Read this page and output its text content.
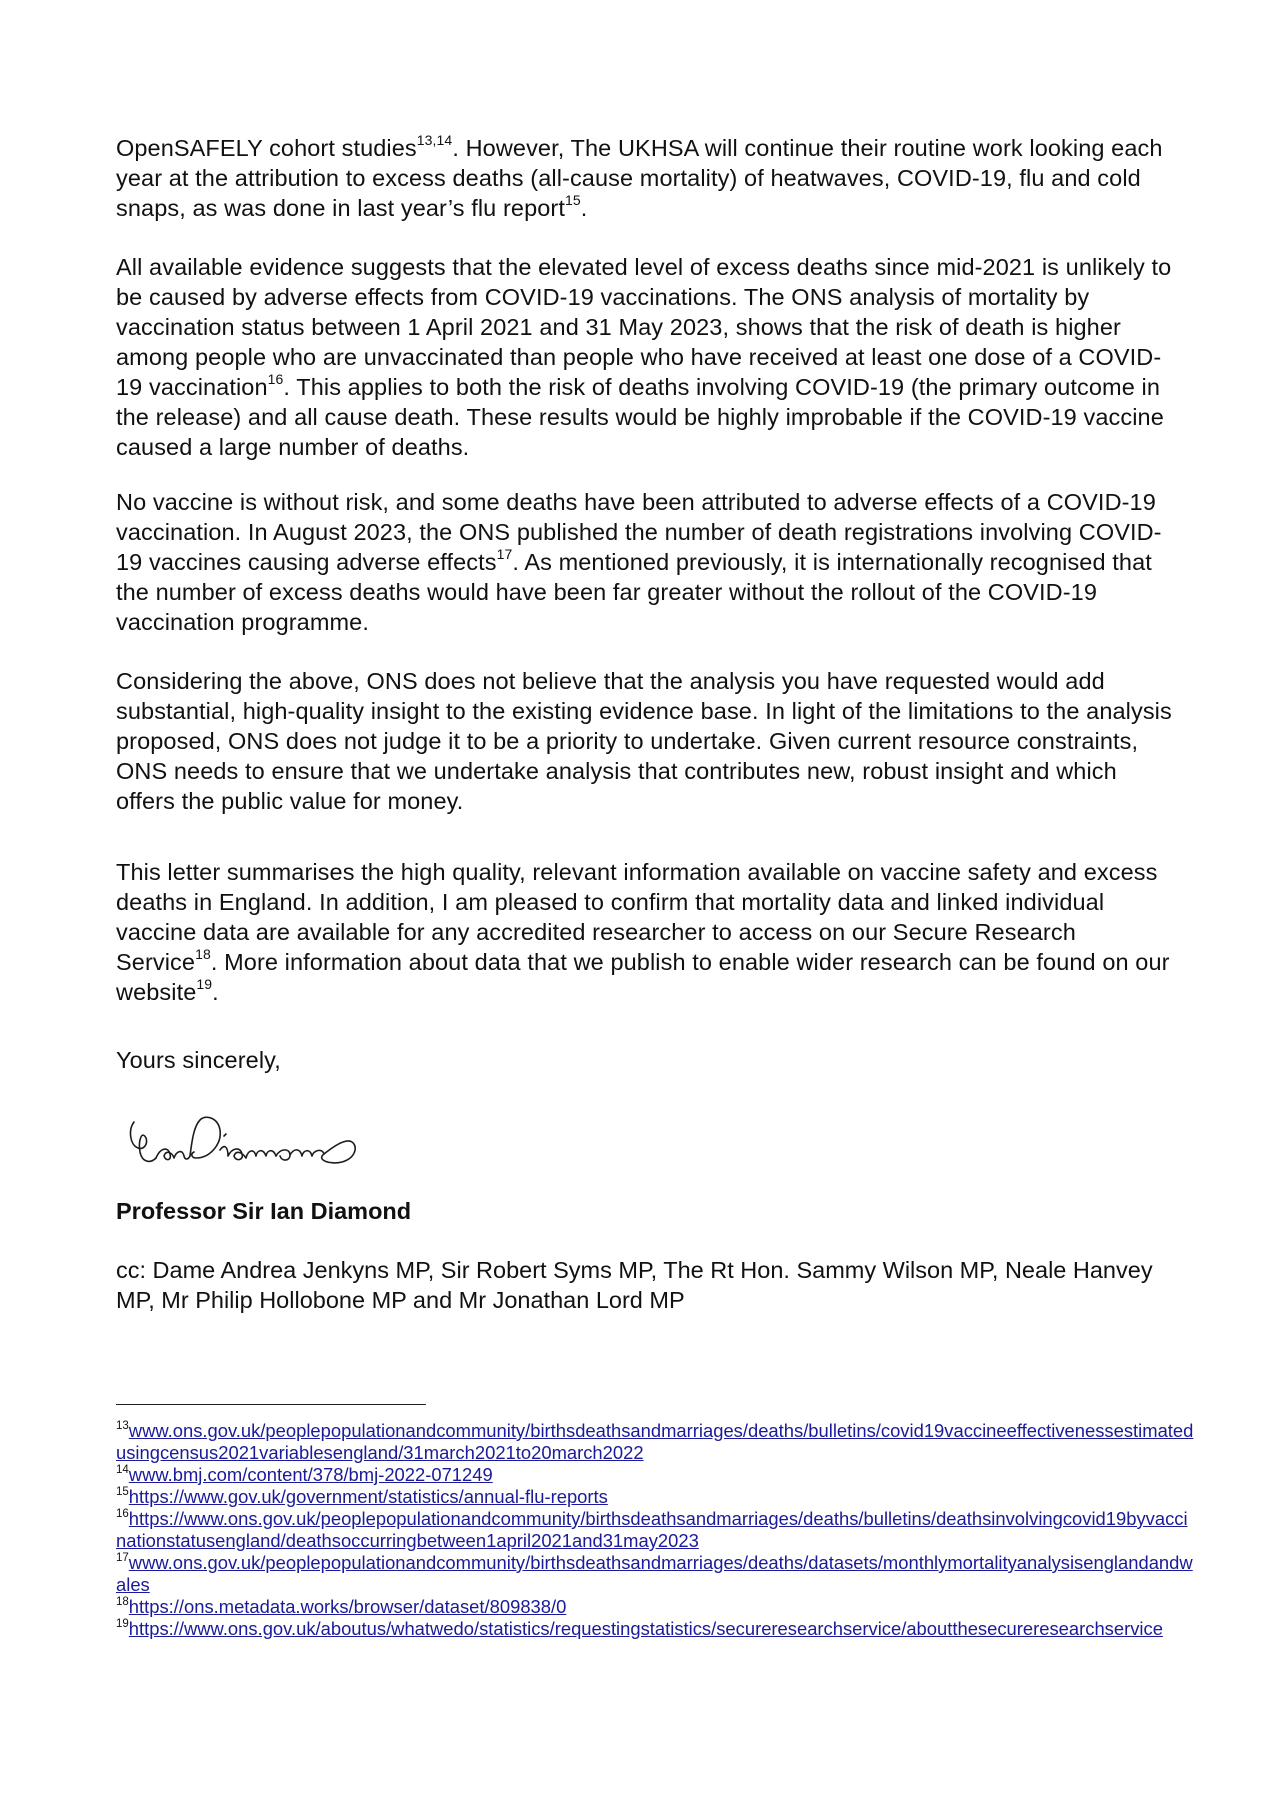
OpenSAFELY cohort studies$^{13,14}$. However, The UKHSA will continue their routine work looking each year at the attribution to excess deaths (all-cause mortality) of heatwaves, COVID-19, flu and cold snaps, as was done in last year’s flu report$^{15}$.

All available evidence suggests that the elevated level of excess deaths since mid-2021 is unlikely to be caused by adverse effects from COVID-19 vaccinations. The ONS analysis of mortality by vaccination status between 1 April 2021 and 31 May 2023, shows that the risk of death is higher among people who are unvaccinated than people who have received at least one dose of a COVID-19 vaccination$^{16}$. This applies to both the risk of deaths involving COVID-19 (the primary outcome in the release) and all cause death. These results would be highly improbable if the COVID-19 vaccine caused a large number of deaths.

No vaccine is without risk, and some deaths have been attributed to adverse effects of a COVID-19 vaccination. In August 2023, the ONS published the number of death registrations involving COVID-19 vaccines causing adverse effects$^{17}$. As mentioned previously, it is internationally recognised that the number of excess deaths would have been far greater without the rollout of the COVID-19 vaccination programme.

Considering the above, ONS does not believe that the analysis you have requested would add substantial, high-quality insight to the existing evidence base. In light of the limitations to the analysis proposed, ONS does not judge it to be a priority to undertake. Given current resource constraints, ONS needs to ensure that we undertake analysis that contributes new, robust insight and which offers the public value for money.

This letter summarises the high quality, relevant information available on vaccine safety and excess deaths in England. In addition, I am pleased to confirm that mortality data and linked individual vaccine data are available for any accredited researcher to access on our Secure Research Service$^{18}$. More information about data that we publish to enable wider research can be found on our website$^{19}$.

Yours sincerely,
Professor Sir Ian Diamond
cc: Dame Andrea Jenkyns MP, Sir Robert Syms MP, The Rt Hon. Sammy Wilson MP, Neale Hanvey MP, Mr Philip Hollobone MP and Mr Jonathan Lord MP

$^{13}$www.ons.gov.uk/peoplepopulationandcommunity/birthsdeathsandmarriages/deaths/bulletins/covid19vaccineeffectivenessestimatedusingcensus2021variablesengland/31march2021to20march2022

$^{14}$www.bmj.com/content/378/bmj-2022-071249

$^{15}$https://www.gov.uk/government/statistics/annual-flu-reports

$^{16}$https://www.ons.gov.uk/peoplepopulationandcommunity/birthsdeathsandmarriages/deaths/bulletins/deathsinvolvingcovid19byvaccinationstatusengland/deathsoccurringbetween1april2021and31may2023

$^{17}$www.ons.gov.uk/peoplepopulationandcommunity/birthsdeathsandmarriages/deaths/datasets/monthlymortalityanalysisenglandandwales

$^{18}$https://ons.metadata.works/browser/dataset/809838/0

$^{19}$https://www.ons.gov.uk/aboutus/whatwedo/statistics/requestingstatistics/secureresearchservice/aboutthesecureresearchservice
